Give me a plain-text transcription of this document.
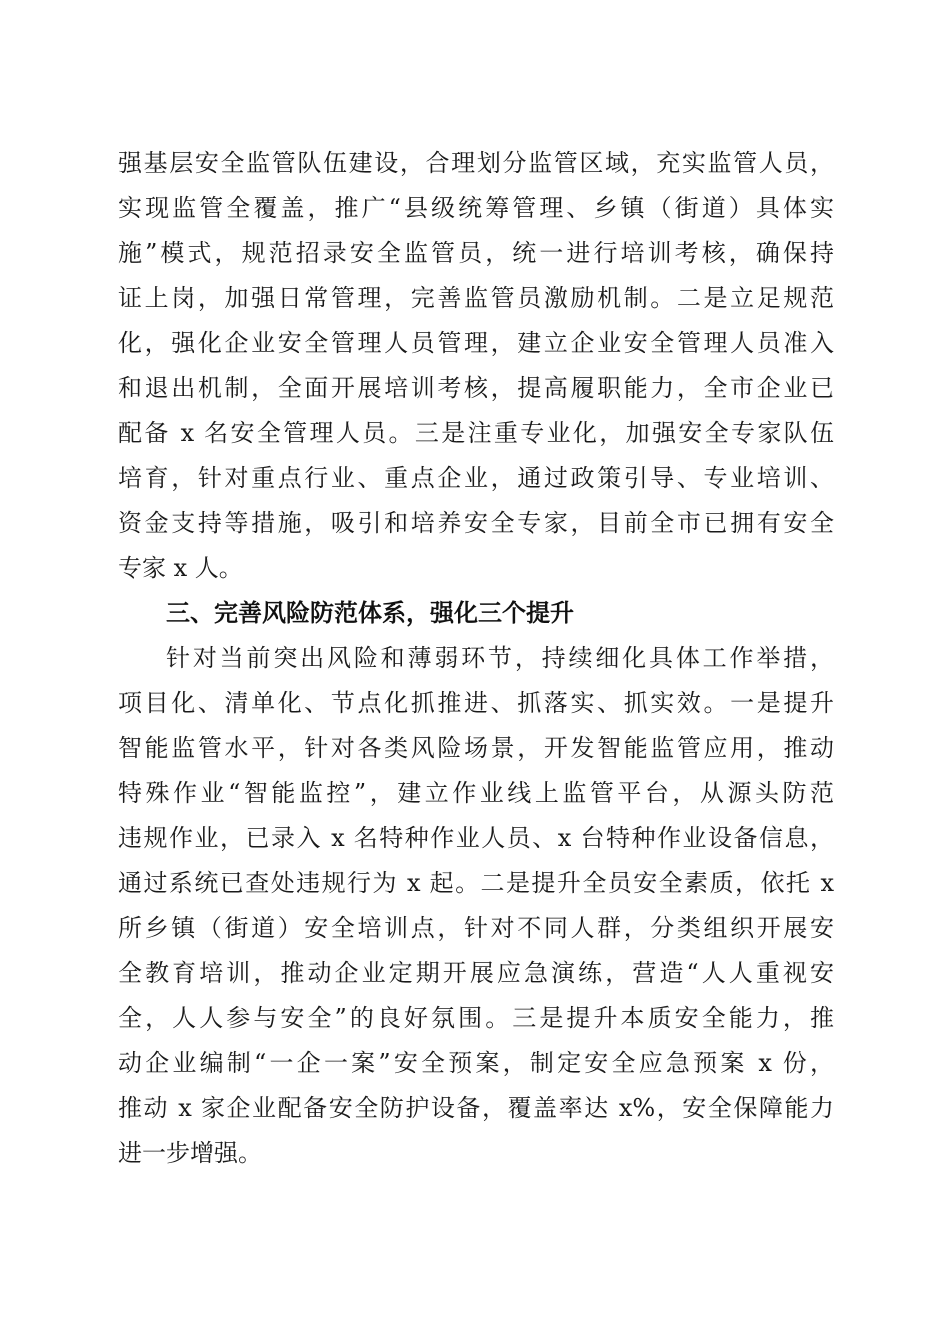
强基层安全监管队伍建设，合理划分监管区域，充实监管人员，
实现监管全覆盖，推广“县级统筹管理、乡镇（街道）具体实
施”模式，规范招录安全监管员，统一进行培训考核，确保持
证上岗，加强日常管理，完善监管员激励机制。二是立足规范
化，强化企业安全管理人员管理，建立企业安全管理人员准入
和退出机制，全面开展培训考核，提高履职能力，全市企业已
配备 x 名安全管理人员。三是注重专业化，加强安全专家队伍
培育，针对重点行业、重点企业，通过政策引导、专业培训、
资金支持等措施，吸引和培养安全专家，目前全市已拥有安全
专家 x 人。
三、完善风险防范体系，强化三个提升
针对当前突出风险和薄弱环节，持续细化具体工作举措，
项目化、清单化、节点化抓推进、抓落实、抓实效。一是提升
智能监管水平，针对各类风险场景，开发智能监管应用，推动
特殊作业“智能监控”，建立作业线上监管平台，从源头防范
违规作业，已录入 x 名特种作业人员、x 台特种作业设备信息，
通过系统已查处违规行为 x 起。二是提升全员安全素质，依托 x
所乡镇（街道）安全培训点，针对不同人群，分类组织开展安
全教育培训，推动企业定期开展应急演练，营造“人人重视安
全，人人参与安全”的良好氛围。三是提升本质安全能力，推
动企业编制“一企一案”安全预案，制定安全应急预案 x 份，
推动 x 家企业配备安全防护设备，覆盖率达 x%，安全保障能力
进一步增强。
